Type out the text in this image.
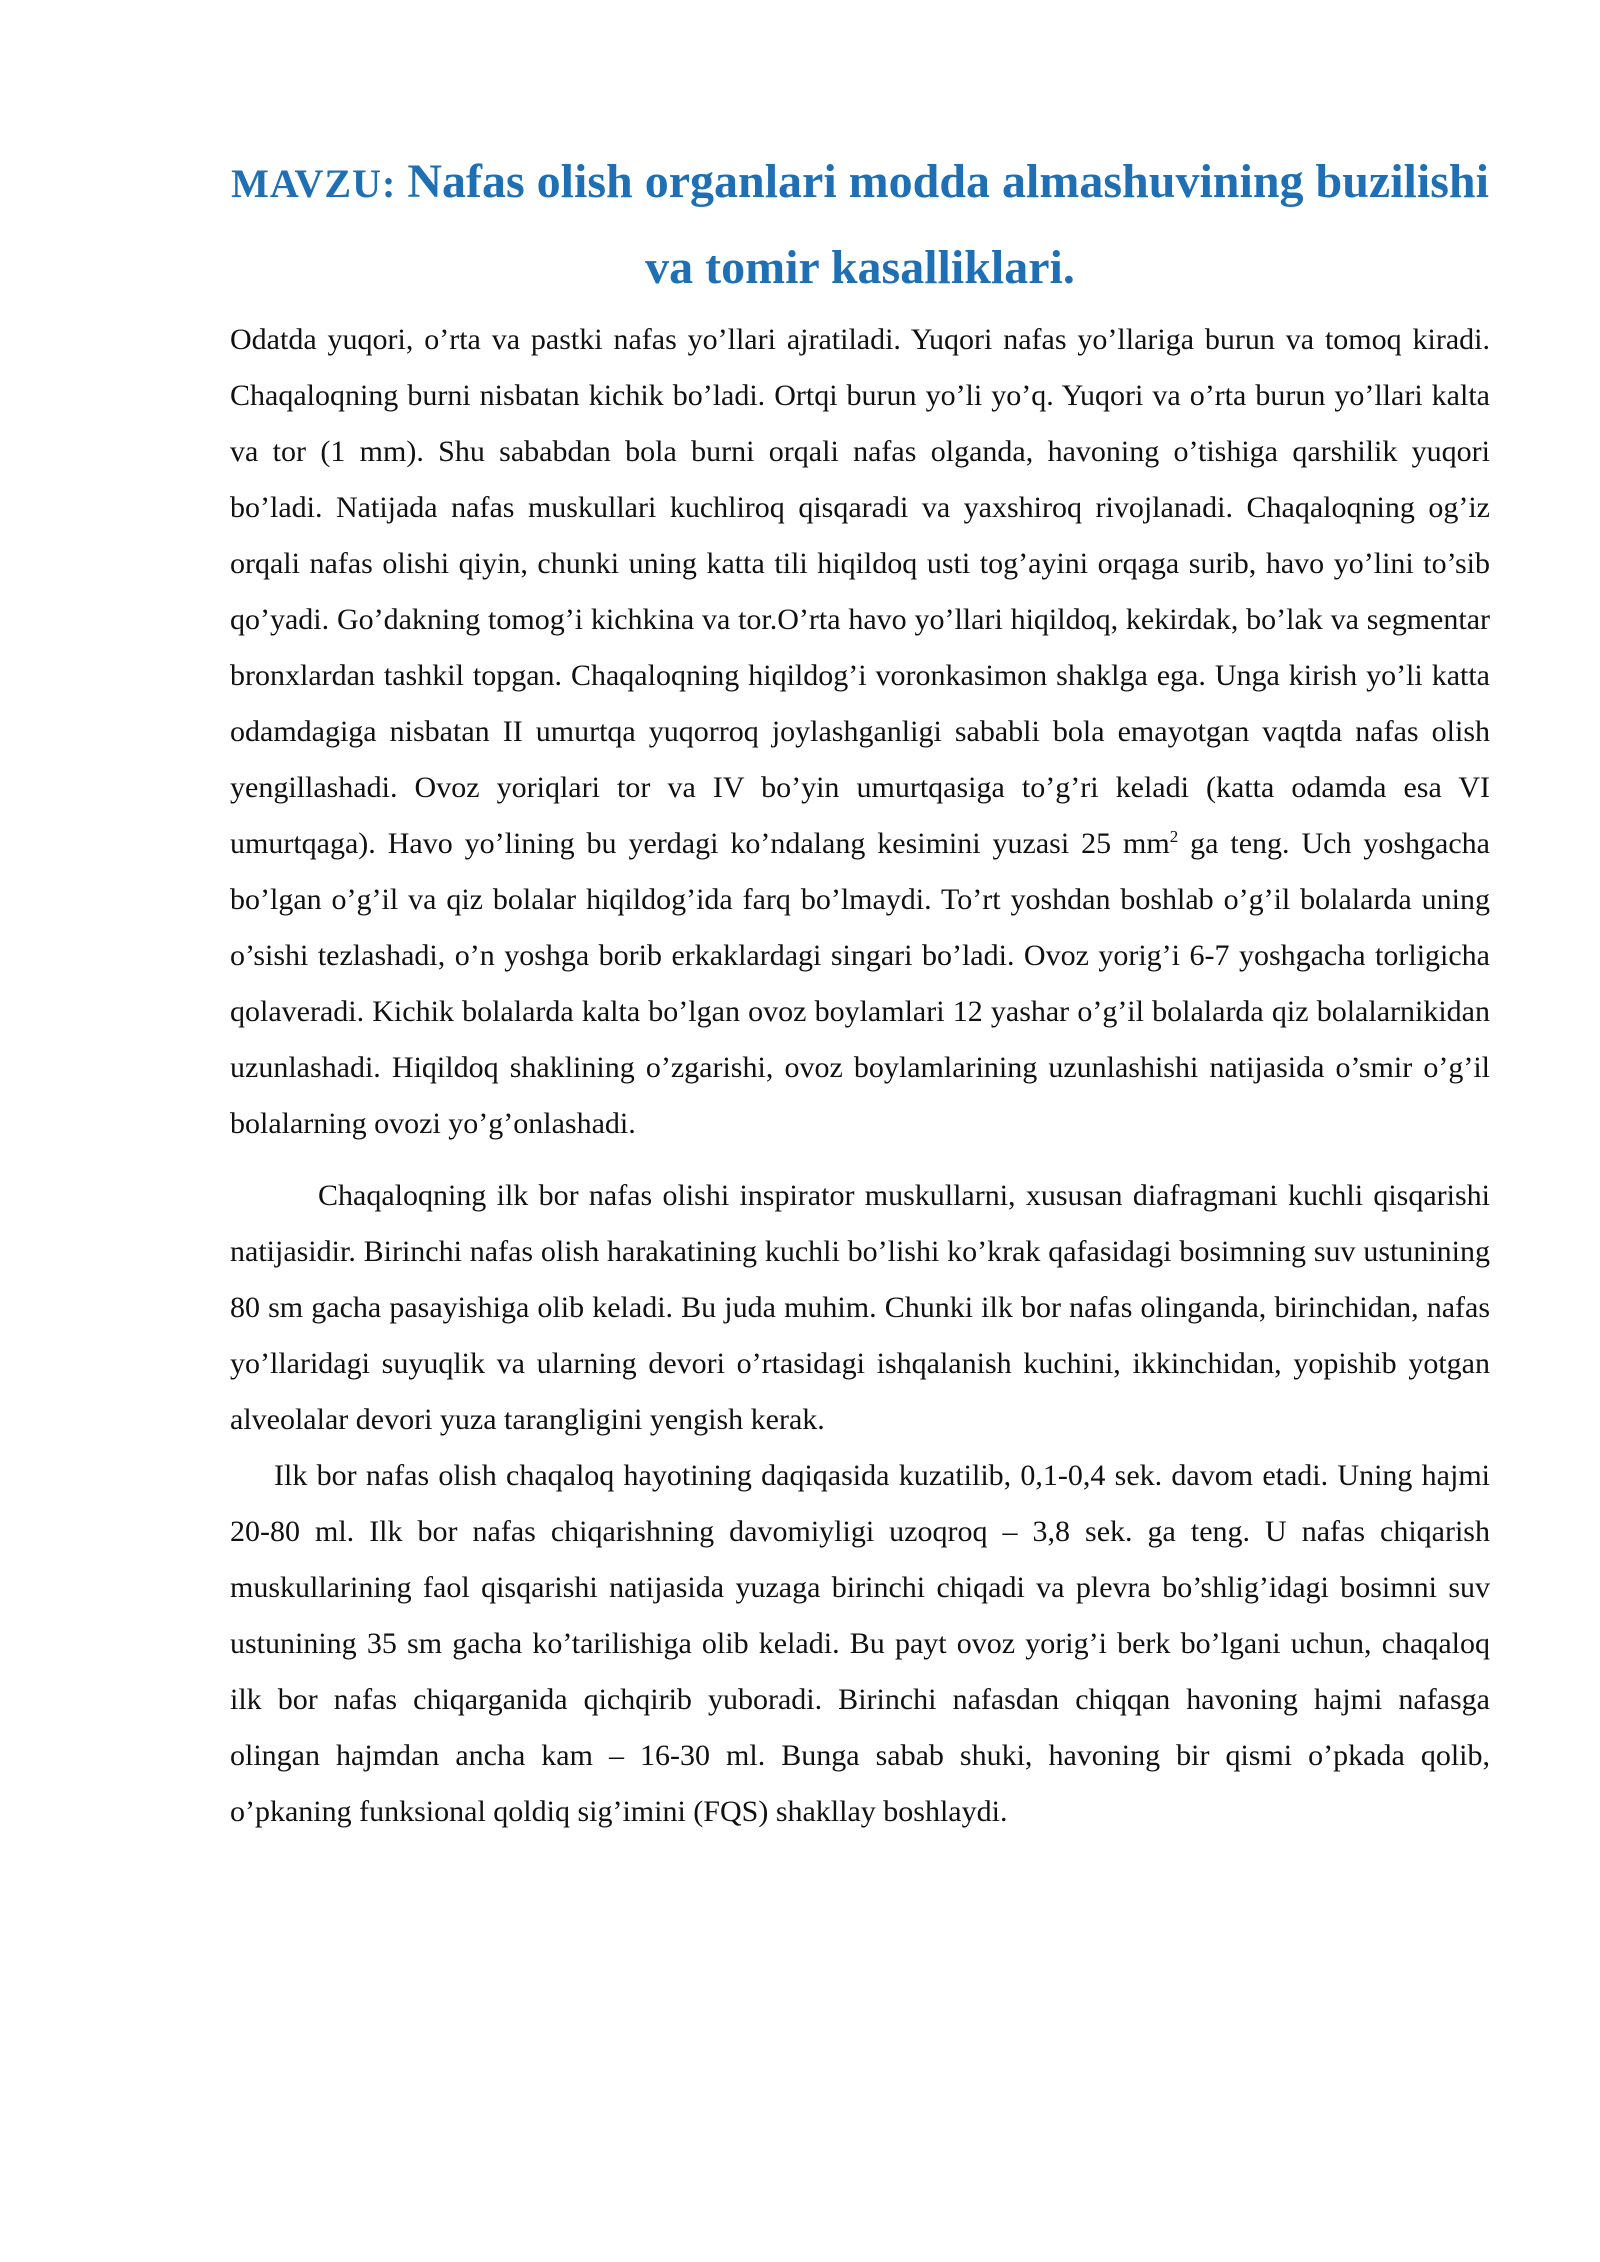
MAVZU: Nafas olish organlari modda almashuvining buzilishi va tomir kasalliklari.

Odatda yuqori, o’rta va pastki nafas yo’llari ajratiladi. Yuqori nafas yo’llariga burun va tomoq kiradi. Chaqaloqning burni nisbatan kichik bo’ladi. Ortqi burun yo’li yo’q. Yuqori va o’rta burun yo’llari kalta va tor (1 mm). Shu sababdan bola burni orqali nafas olganda, havoning o’tishiga qarshilik yuqori bo’ladi. Natijada nafas muskullari kuchliroq qisqaradi va yaxshiroq rivojlanadi. Chaqaloqning og’iz orqali nafas olishi qiyin, chunki uning katta tili hiqildoq usti tog’ayini orqaga surib, havo yo’lini to’sib qo’yadi. Go’dakning tomog’i kichkina va tor.O’rta havo yo’llari hiqildoq, kekirdak, bo’lak va segmentar bronxlardan tashkil topgan. Chaqaloqning hiqildog’i voronkasimon shaklga ega. Unga kirish yo’li katta odamdagiga nisbatan II umurtqa yuqorroq joylashganligi sababli bola emayotgan vaqtda nafas olish yengillashadi. Ovoz yoriqlari tor va IV bo’yin umurtqasiga to’g’ri keladi (katta odamda esa VI umurtqaga). Havo yo’lining bu yerdagi ko’ndalang kesimini yuzasi 25 $mm^2$ ga teng. Uch yoshgacha bo’lgan o’g’il va qiz bolalar hiqildog’ida farq bo’lmaydi. To’rt yoshdan boshlab o’g’il bolalarda uning o’sishi tezlashadi, o’n yoshga borib erkaklardagi singari bo’ladi. Ovoz yorig’i 6-7 yoshgacha torligicha qolaveradi. Kichik bolalarda kalta bo’lgan ovoz boylamlari 12 yashar o’g’il bolalarda qiz bolalarnikidan uzunlashadi. Hiqildoq shaklining o’zgarishi, ovoz boylamlarining uzunlashishi natijasida o’smir o’g’il bolalarning ovozi yo’g’onlashadi.

Chaqaloqning ilk bor nafas olishi inspirator muskullarni, xususan diafragmani kuchli qisqarishi natijasidir. Birinchi nafas olish harakatining kuchli bo’lishi ko’krak qafasidagi bosimning suv ustunining 80 sm gacha pasayishiga olib keladi. Bu juda muhim. Chunki ilk bor nafas olinganda, birinchidan, nafas yo’llaridagi suyuqlik va ularning devori o’rtasidagi ishqalanish kuchini, ikkinchidan, yopishib yotgan alveolalar devori yuza tarangligini yengish kerak.

Ilk bor nafas olish chaqaloq hayotining daqiqasida kuzatilib, 0,1-0,4 sek. davom etadi. Uning hajmi 20-80 ml. Ilk bor nafas chiqarishning davomiyligi uzoqroq – 3,8 sek. ga teng. U nafas chiqarish muskullarining faol qisqarishi natijasida yuzaga birinchi chiqadi va plevra bo’shlig’idagi bosimni suv ustunining 35 sm gacha ko’tarilishiga olib keladi. Bu payt ovoz yorig’i berk bo’lgani uchun, chaqaloq ilk bor nafas chiqarganida qichqirib yuboradi. Birinchi nafasdan chiqqan havoning hajmi nafasga olingan hajmdan ancha kam – 16-30 ml. Bunga sabab shuki, havoning bir qismi o’pkada qolib, o’pkaning funksional qoldiq sig’imini (FQS) shakllay boshlaydi.
